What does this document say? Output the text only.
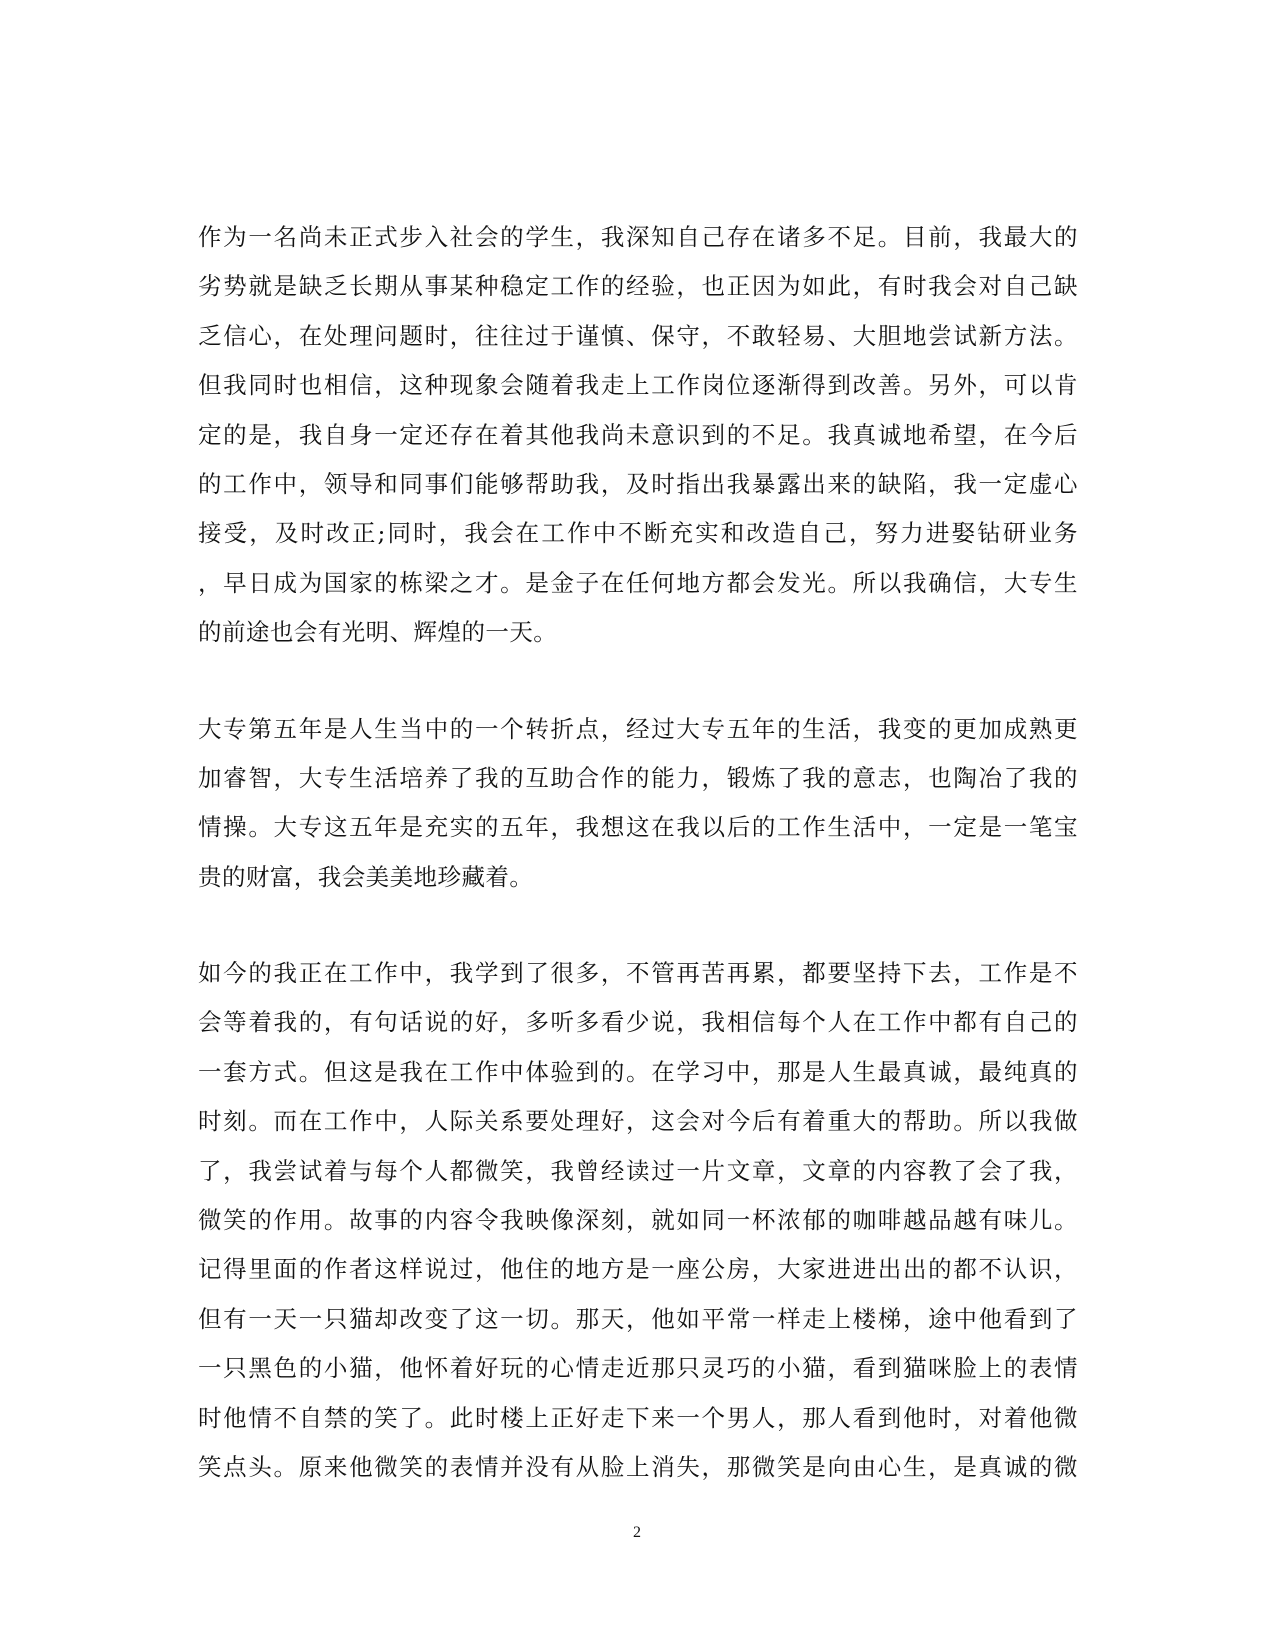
作为一名尚未正式步入社会的学生，我深知自己存在诸多不足。目前，我最大的
劣势就是缺乏长期从事某种稳定工作的经验，也正因为如此，有时我会对自己缺
乏信心，在处理问题时，往往过于谨慎、保守，不敢轻易、大胆地尝试新方法。
但我同时也相信，这种现象会随着我走上工作岗位逐渐得到改善。另外，可以肯
定的是，我自身一定还存在着其他我尚未意识到的不足。我真诚地希望，在今后
的工作中，领导和同事们能够帮助我，及时指出我暴露出来的缺陷，我一定虚心
接受，及时改正;同时，我会在工作中不断充实和改造自己，努力进娶钻研业务
，早日成为国家的栋梁之才。是金子在任何地方都会发光。所以我确信，大专生
的前途也会有光明、辉煌的一天。
大专第五年是人生当中的一个转折点，经过大专五年的生活，我变的更加成熟更
加睿智，大专生活培养了我的互助合作的能力，锻炼了我的意志，也陶冶了我的
情操。大专这五年是充实的五年，我想这在我以后的工作生活中，一定是一笔宝
贵的财富，我会美美地珍藏着。
如今的我正在工作中，我学到了很多，不管再苦再累，都要坚持下去，工作是不
会等着我的，有句话说的好，多听多看少说，我相信每个人在工作中都有自己的
一套方式。但这是我在工作中体验到的。在学习中，那是人生最真诚，最纯真的
时刻。而在工作中，人际关系要处理好，这会对今后有着重大的帮助。所以我做
了，我尝试着与每个人都微笑，我曾经读过一片文章，文章的内容教了会了我，
微笑的作用。故事的内容令我映像深刻，就如同一杯浓郁的咖啡越品越有味儿。
记得里面的作者这样说过，他住的地方是一座公房，大家进进出出的都不认识，
但有一天一只猫却改变了这一切。那天，他如平常一样走上楼梯，途中他看到了
一只黑色的小猫，他怀着好玩的心情走近那只灵巧的小猫，看到猫咪脸上的表情
时他情不自禁的笑了。此时楼上正好走下来一个男人，那人看到他时，对着他微
笑点头。原来他微笑的表情并没有从脸上消失，那微笑是向由心生，是真诚的微
2
